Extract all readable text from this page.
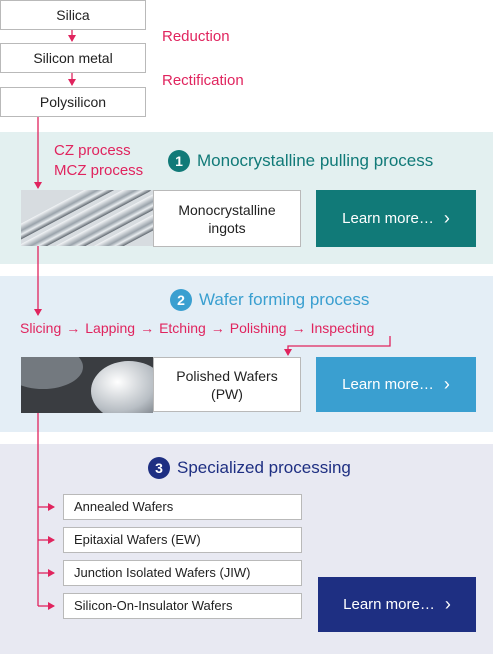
Silica
Silicon metal
Polysilicon
Reduction
Rectification
CZ process
MCZ process
1 Monocrystalline pulling process
Monocrystalline
ingots
Learn more… ›
2 Wafer forming process
Slicing → Lapping → Etching → Polishing → Inspecting
Polished Wafers
(PW)
Learn more… ›
3 Specialized processing
Annealed Wafers
Epitaxial Wafers (EW)
Junction Isolated Wafers (JIW)
Silicon-On-Insulator Wafers	Learn more… ›
